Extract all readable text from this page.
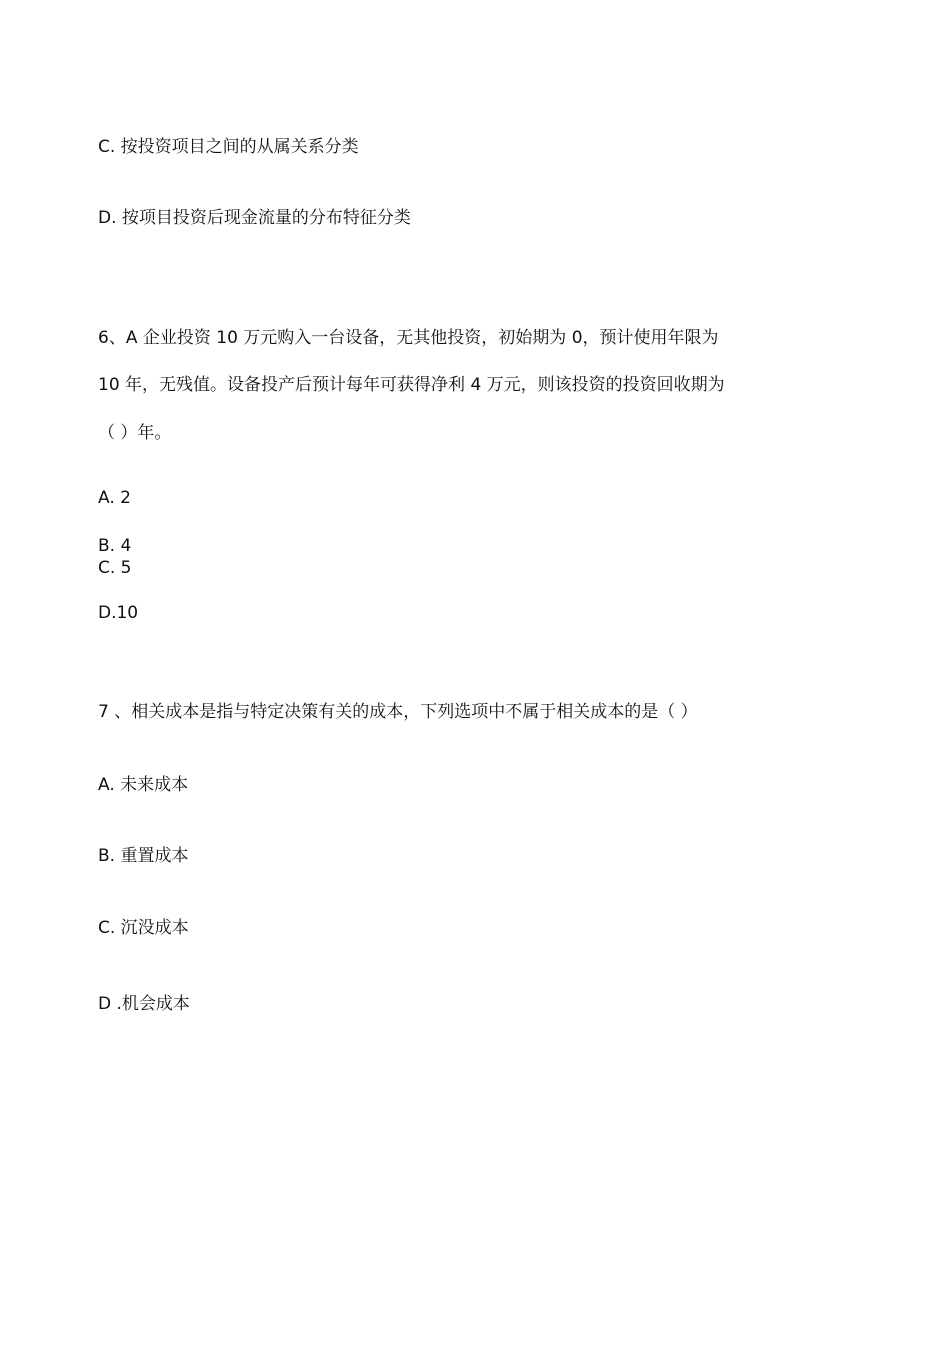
C. 按投资项目之间的从属关系分类
D. 按项目投资后现金流量的分布特征分类
6、A 企业投资 10 万元购入一台设备，无其他投资，初始期为 0，预计使用年限为
10 年，无残值。设备投产后预计每年可获得净利 4 万元，则该投资的投资回收期为
（ ）年。
A. 2
B. 4
C. 5
D.10
7 、相关成本是指与特定决策有关的成本，下列选项中不属于相关成本的是（ ）
A. 未来成本
B. 重置成本
C. 沉没成本
D .机会成本
